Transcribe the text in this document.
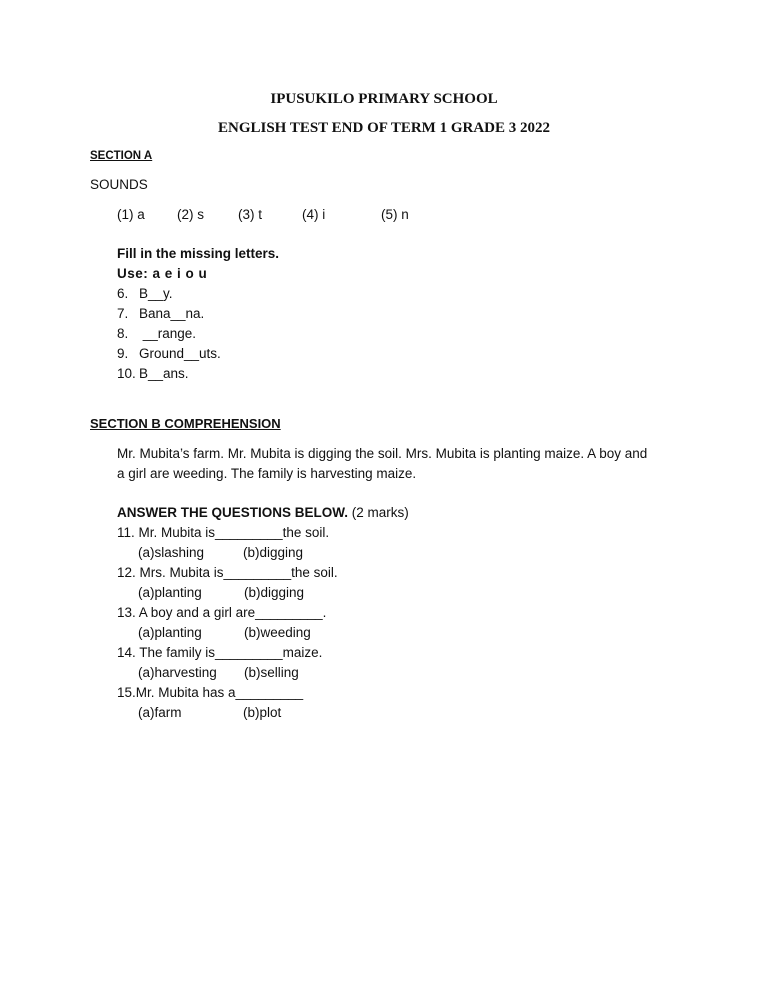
IPUSUKILO PRIMARY SCHOOL
ENGLISH TEST END OF TERM 1 GRADE 3 2022
SECTION A
SOUNDS
(1) a (2) s	(3) t	(4) i	(5) n
Fill in the missing letters.
Use: a e i o u
6. B__y.
7. Bana__na.
8. __range.
9. Ground__uts.
10. B__ans.
SECTION B COMPREHENSION
Mr. Mubita’s farm. Mr. Mubita is digging the soil. Mrs. Mubita is planting maize. A boy and
a girl are weeding. The family is harvesting maize.
ANSWER THE QUESTIONS BELOW. (2 marks)
11. Mr. Mubita is_________the soil.
(a)slashing	(b)digging
12. Mrs. Mubita is_________the soil.
(a)planting	(b)digging
13. A boy and a girl are_________.
(a)planting	(b)weeding
14. The family is_________maize.
(a)harvesting (b)selling
15.Mr. Mubita has a_________
(a)farm	(b)plot
